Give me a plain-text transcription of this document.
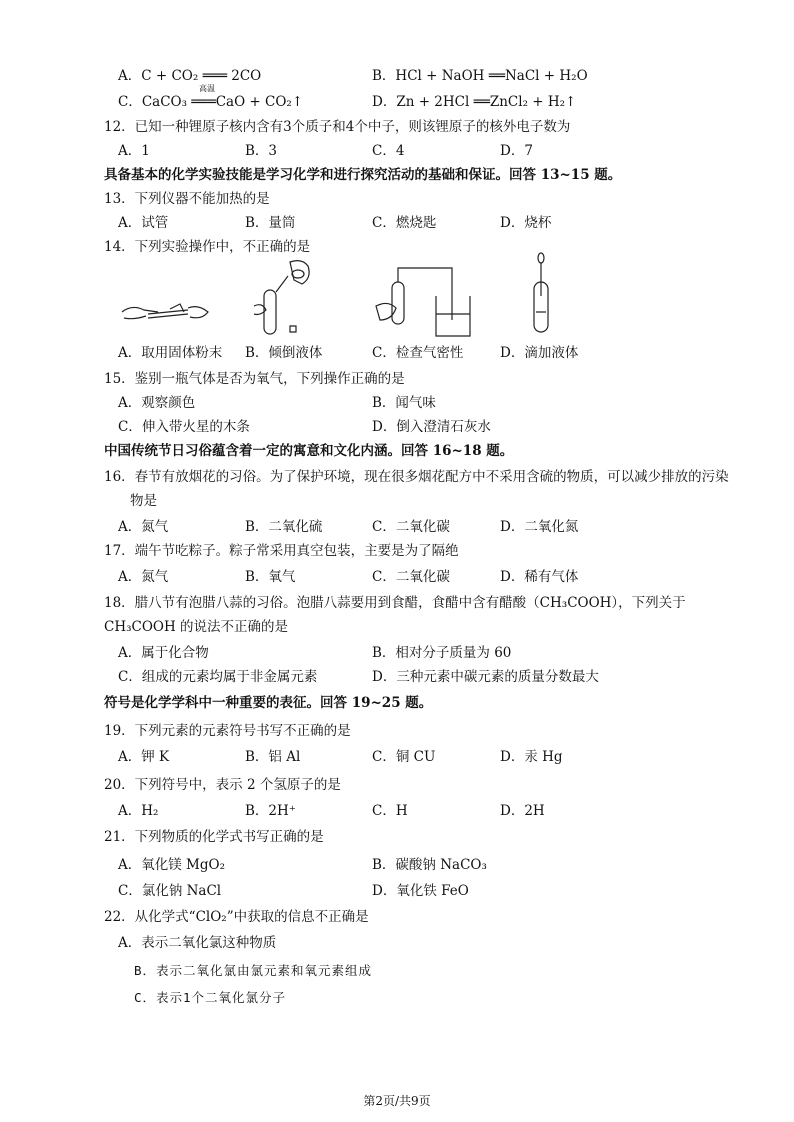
A．C + CO₂ ═══ 2CO	B．HCl + NaOH ══NaCl + H₂O
高温
C．CaCO₃ ═══CaO + CO₂↑	D．Zn + 2HCl ══ZnCl₂ + H₂↑
12．已知一种锂原子核内含有3个质子和4个中子，则该锂原子的核外电子数为
A．1	B．3	C．4	D．7
具备基本的化学实验技能是学习化学和进行探究活动的基础和保证。回答 13~15 题。
13．下列仪器不能加热的是
A．试管	B．量筒	C．燃烧匙	D．烧杯
14．下列实验操作中，不正确的是
A．取用固体粉末 B．倾倒液体	C．检查气密性	D．滴加液体
15．鉴别一瓶气体是否为氧气，下列操作正确的是
A．观察颜色	B．闻气味
C．伸入带火星的木条	D．倒入澄清石灰水
中国传统节日习俗蕴含着一定的寓意和文化内涵。回答 16~18 题。
16．春节有放烟花的习俗。为了保护环境，现在很多烟花配方中不采用含硫的物质，可以减少排放的污染
物是
A．氮气	B．二氧化硫	C．二氧化碳	D．二氧化氮
17．端午节吃粽子。粽子常采用真空包装，主要是为了隔绝
A．氮气	B．氧气	C．二氧化碳	D．稀有气体
18．腊八节有泡腊八蒜的习俗。泡腊八蒜要用到食醋，食醋中含有醋酸（CH₃COOH），下列关于
CH₃COOH 的说法不正确的是
A．属于化合物	B．相对分子质量为 60
C．组成的元素均属于非金属元素	D．三种元素中碳元素的质量分数最大
符号是化学学科中一种重要的表征。回答 19~25 题。
19．下列元素的元素符号书写不正确的是
A．钾 K	B．铝 Al	C．铜 CU	D．汞 Hg
20．下列符号中，表示 2 个氢原子的是
A．H₂	B．2H⁺	C．H	D．2H
21．下列物质的化学式书写正确的是
A．氧化镁 MgO₂	B．碳酸钠 NaCO₃
C．氯化钠 NaCl	D．氧化铁 FeO
22．从化学式“ClO₂”中获取的信息不正确是
A．表示二氧化氯这种物质
B．表示二氧化氯由氯元素和氧元素组成
C．表示1个二氧化氯分子
第2页/共9页
